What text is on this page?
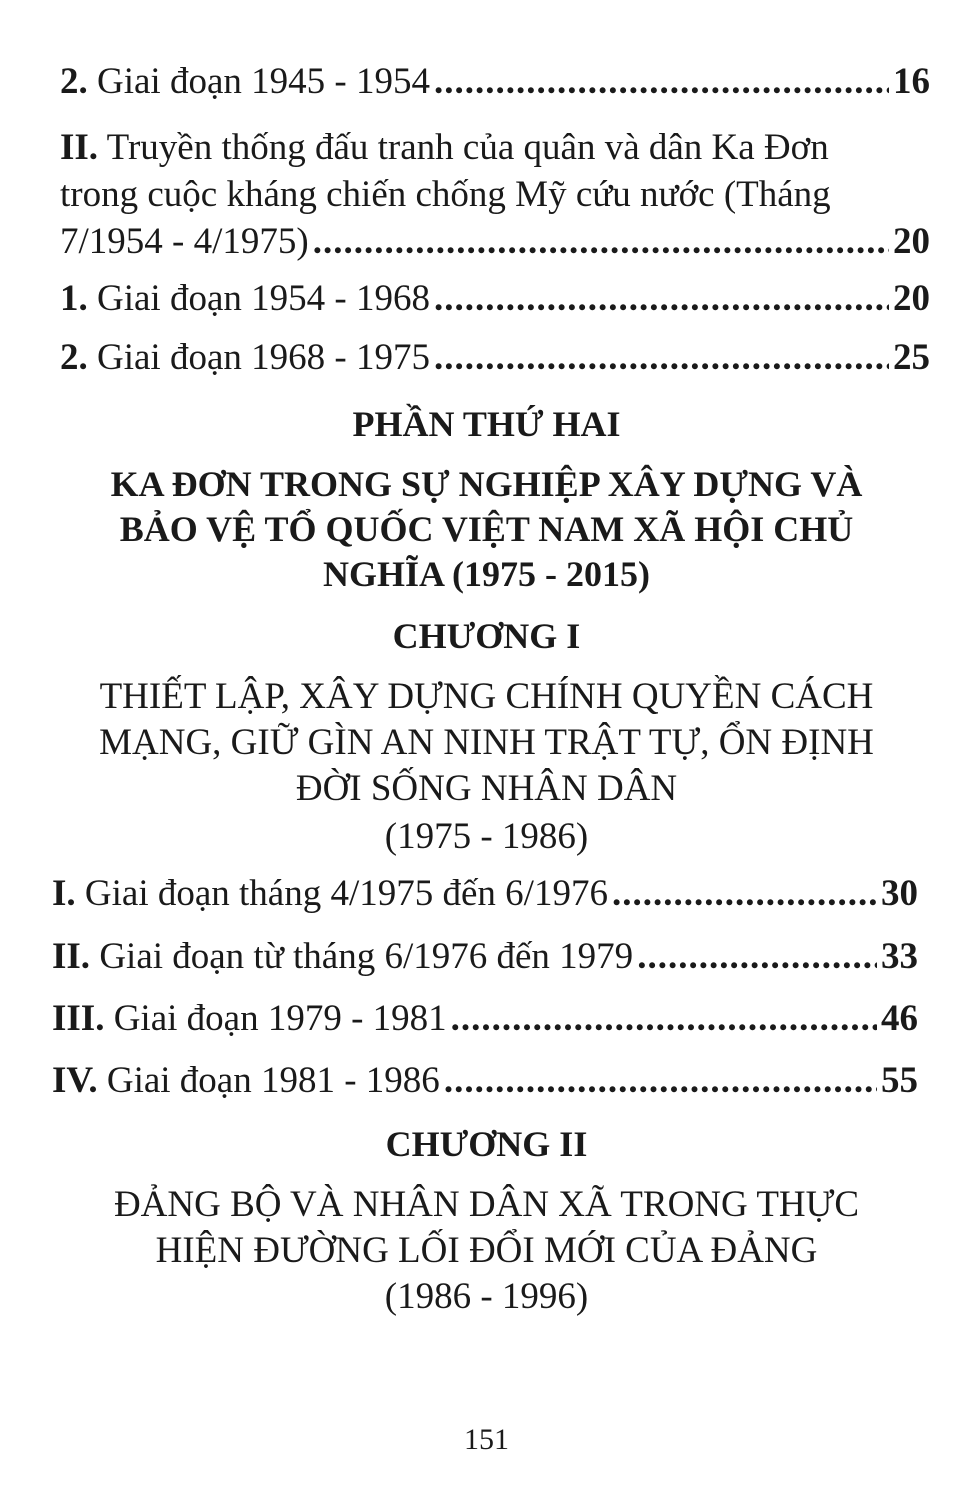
2. Giai đoạn 1945 - 1954 .....	16
II. Truyền thống đấu tranh của quân và dân Ka Đơn
trong cuộc kháng chiến chống Mỹ cứu nước (Tháng
7/1954 - 4/1975) .....	20
1. Giai đoạn 1954 - 1968 .....	20
2. Giai đoạn 1968 - 1975 .....	25
PHẦN THỨ HAI
KA ĐƠN TRONG SỰ NGHIỆP XÂY DỰNG VÀ
BẢO VỆ TỔ QUỐC VIỆT NAM XÃ HỘI CHỦ
NGHĨA (1975 - 2015)
CHƯƠNG I
THIẾT LẬP, XÂY DỰNG CHÍNH QUYỀN CÁCH
MẠNG, GIỮ GÌN AN NINH TRẬT TỰ, ỔN ĐỊNH
ĐỜI SỐNG NHÂN DÂN
(1975 - 1986)
I. Giai đoạn tháng 4/1975 đến 6/1976 .....	30
II. Giai đoạn từ tháng 6/1976 đến 1979 .....	33
III. Giai đoạn 1979 - 1981 .....	46
IV. Giai đoạn 1981 - 1986 .....	55
CHƯƠNG II
ĐẢNG BỘ VÀ NHÂN DÂN XÃ TRONG THỰC
HIỆN ĐƯỜNG LỐI ĐỔI MỚI CỦA ĐẢNG
(1986 - 1996)
151
